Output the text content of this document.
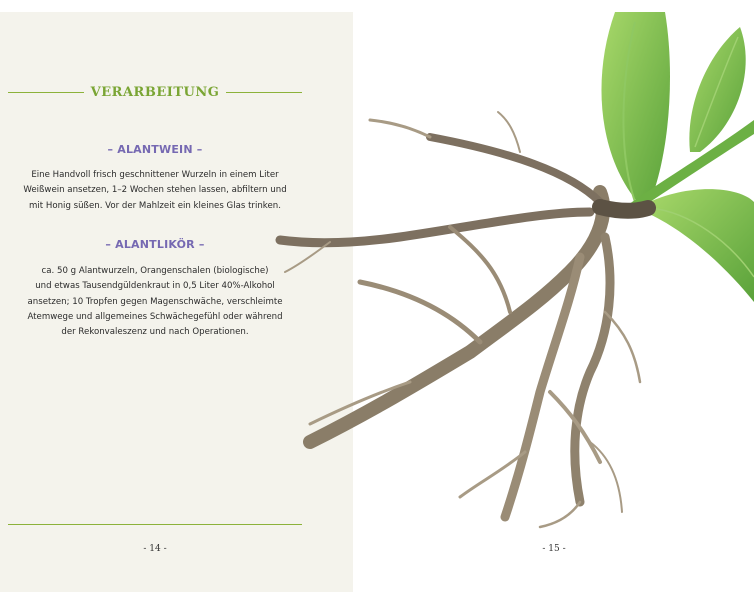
VERARBEITUNG
– ALANTWEIN –
Eine Handvoll frisch geschnittener Wurzeln in einem Liter
Weißwein ansetzen, 1–2 Wochen stehen lassen, abfiltern und
mit Honig süßen. Vor der Mahlzeit ein kleines Glas trinken.
– ALANTLIKÖR –
ca. 50 g Alantwurzeln, Orangenschalen (biologische)
und etwas Tausendgüldenkraut in 0,5 Liter 40%-Alkohol
ansetzen; 10 Tropfen gegen Magenschwäche, verschleimte
Atemwege und allgemeines Schwächegefühl oder während
der Rekonvaleszenz und nach Operationen.
- 14 -	- 15 -
